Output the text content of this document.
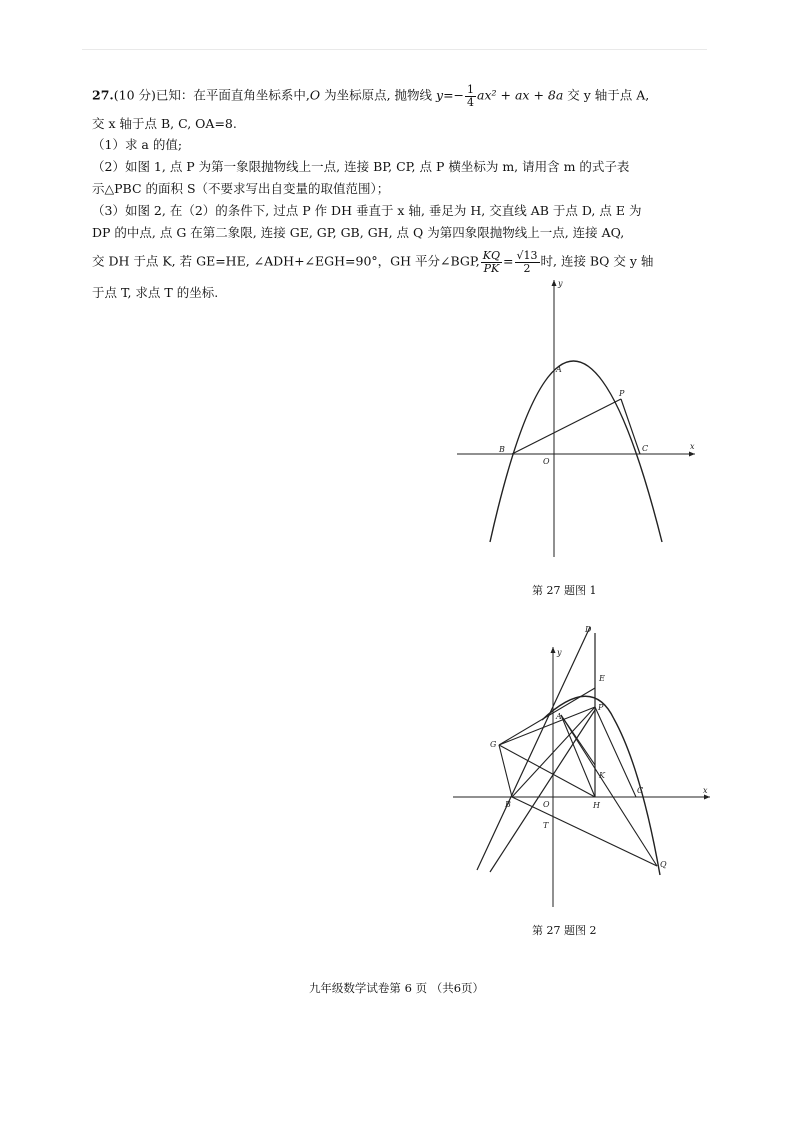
27.(10 分)已知：在平面直角坐标系中,O 为坐标原点, 抛物线 $y=- \frac{1}{4} ax^2$ + ax + 8a 交 y 轴于点 A,
交 x 轴于点 B, C, OA=8.
（1）求 a 的值;
（2）如图 1, 点 P 为第一象限抛物线上一点, 连接 BP, CP, 点 P 横坐标为 m, 请用含 m 的式子表
示△PBC 的面积 S（不要求写出自变量的取值范围）；
（3）如图 2, 在（2）的条件下, 过点 P 作 DH 垂直于 x 轴, 垂足为 H, 交直线 AB 于点 D, 点 E 为
DP 的中点, 点 G 在第二象限, 连接 GE, GP, GB, GH, 点 Q 为第四象限抛物线上一点, 连接 AQ,
交 DH 于点 K, 若 GE=HE, ∠ADH+∠EGH=90°，GH 平分∠BGP, $\frac{KQ}{PK} = \frac{√13}{2}$ 时, 连接 BQ 交 y 轴
于点 T, 求点 T 的坐标.
y
x
A
P
B
O
C
第 27 题图 1
D
y
E
A
P
G
K
B	O	H
C	x
T
Q
第 27 题图 2
九年级数学试卷第 6 页 （共6页）
